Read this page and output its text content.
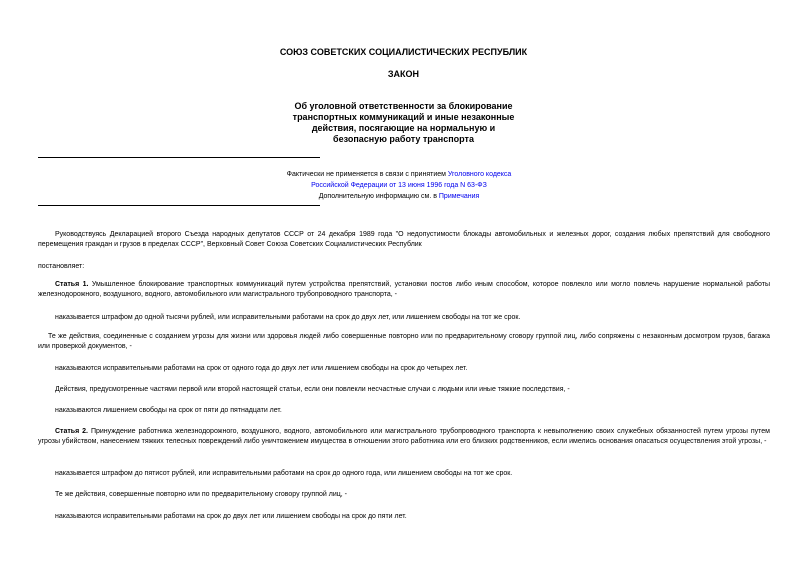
СОЮЗ СОВЕТСКИХ СОЦИАЛИСТИЧЕСКИХ РЕСПУБЛИК
ЗАКОН
Об уголовной ответственности за блокирование
транспортных коммуникаций и иные незаконные
действия, посягающие на нормальную и
безопасную работу транспорта
Фактически не применяется в связи с принятием Уголовного кодекса
Российской Федерации от 13 июня 1996 года N 63-ФЗ
Дополнительную информацию см. в Примечания
Руководствуясь Декларацией второго Съезда народных депутатов СССР от 24 декабря 1989 года "О недопустимости блокады автомобильных и железных дорог, создания любых препятствий для свободного перемещения граждан и грузов в пределах СССР", Верховный Совет Союза Советских Социалистических Республик
постановляет:
Статья 1. Умышленное блокирование транспортных коммуникаций путем устройства препятствий, установки постов либо иным способом, которое повлекло или могло повлечь нарушение нормальной работы железнодорожного, воздушного, водного, автомобильного или магистрального трубопроводного транспорта, -
наказывается штрафом до одной тысячи рублей, или исправительными работами на срок до двух лет, или лишением свободы на тот же срок.
Те же действия, соединенные с созданием угрозы для жизни или здоровья людей либо совершенные повторно или по предварительному сговору группой лиц, либо сопряжены с незаконным досмотром грузов, багажа или проверкой документов, -
наказываются исправительными работами на срок от одного года до двух лет или лишением свободы на срок до четырех лет.
Действия, предусмотренные частями первой или второй настоящей статьи, если они повлекли несчастные случаи с людьми или иные тяжкие последствия, -
наказываются лишением свободы на срок от пяти до пятнадцати лет.
Статья 2. Принуждение работника железнодорожного, воздушного, водного, автомобильного или магистрального трубопроводного транспорта к невыполнению своих служебных обязанностей путем угрозы путем угрозы убийством, нанесением тяжких телесных повреждений либо уничтожением имущества в отношении этого работника или его близких родственников, если имелись основания опасаться осуществления этой угрозы, -
наказывается штрафом до пятисот рублей, или исправительными работами на срок до одного года, или лишением свободы на тот же срок.
Те же действия, совершенные повторно или по предварительному сговору группой лиц, -
наказываются исправительными работами на срок до двух лет или лишением свободы на срок до пяти лет.
